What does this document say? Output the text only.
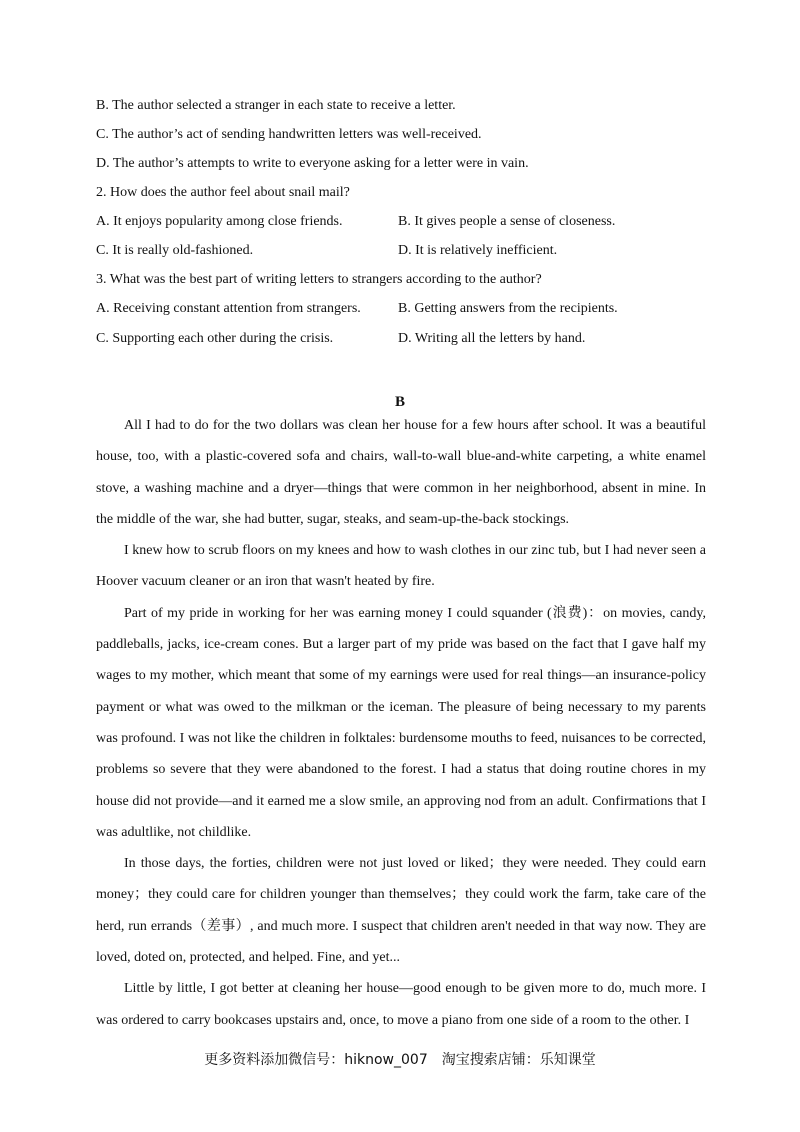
B. The author selected a stranger in each state to receive a letter.
C. The author’s act of sending handwritten letters was well-received.
D. The author’s attempts to write to everyone asking for a letter were in vain.
2. How does the author feel about snail mail?
A. It enjoys popularity among close friends.	B. It gives people a sense of closeness.
C. It is really old-fashioned.	D. It is relatively inefficient.
3. What was the best part of writing letters to strangers according to the author?
A. Receiving constant attention from strangers.	B. Getting answers from the recipients.
C. Supporting each other during the crisis.	D. Writing all the letters by hand.
B

All I had to do for the two dollars was clean her house for a few hours after school. It was a beautiful house, too, with a plastic-covered sofa and chairs, wall-to-wall blue-and-white carpeting, a white enamel stove, a washing machine and a dryer—things that were common in her neighborhood, absent in mine. In the middle of the war, she had butter, sugar, steaks, and seam-up-the-back stockings.

I knew how to scrub floors on my knees and how to wash clothes in our zinc tub, but I had never seen a Hoover vacuum cleaner or an iron that wasn't heated by fire.

Part of my pride in working for her was earning money I could squander (浪费)：on movies, candy, paddleballs, jacks, ice-cream cones. But a larger part of my pride was based on the fact that I gave half my wages to my mother, which meant that some of my earnings were used for real things—an insurance-policy payment or what was owed to the milkman or the iceman. The pleasure of being necessary to my parents was profound. I was not like the children in folktales: burdensome mouths to feed, nuisances to be corrected, problems so severe that they were abandoned to the forest. I had a status that doing routine chores in my house did not provide—and it earned me a slow smile, an approving nod from an adult. Confirmations that I was adultlike, not childlike.

In those days, the forties, children were not just loved or liked；they were needed. They could earn money；they could care for children younger than themselves；they could work the farm, take care of the herd, run errands（差事）, and much more. I suspect that children aren't needed in that way now. They are loved, doted on, protected, and helped. Fine, and yet...

Little by little, I got better at cleaning her house—good enough to be given more to do, much more. I was ordered to carry bookcases upstairs and, once, to move a piano from one side of a room to the other. I

更多资料添加微信号：hiknow_007　淘宝搜索店铺：乐知课堂
